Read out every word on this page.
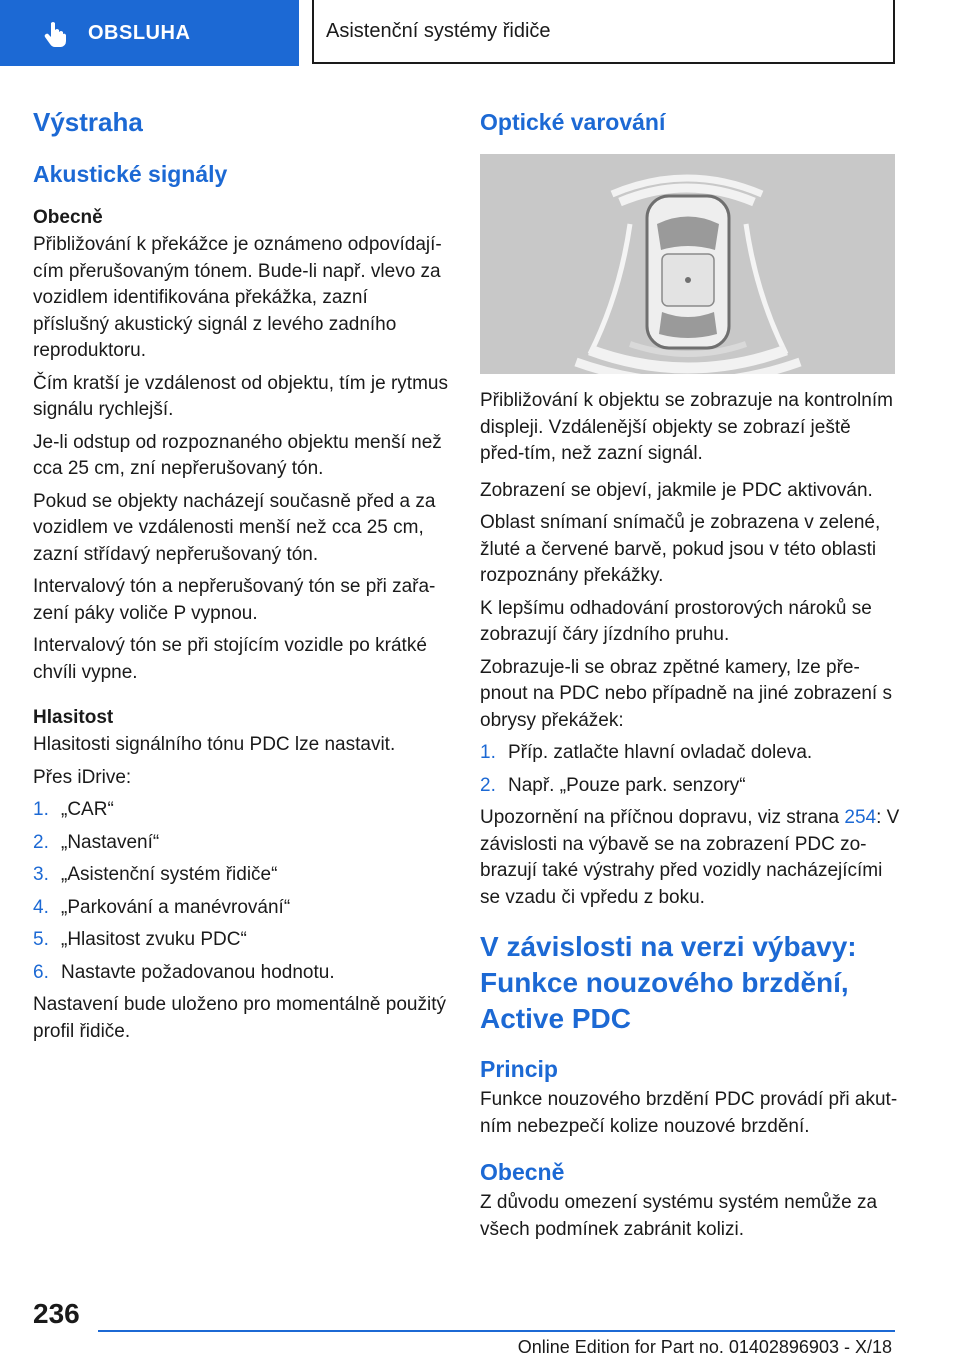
OBSLUHA	Asistenční systémy řidiče
Výstraha
Akustické signály
Obecně

Přibližování k překážce je oznámeno odpovídají-cím přerušovaným tónem. Bude-li např. vlevo za vozidlem identifikována překážka, zazní příslušný akustický signál z levého zadního reproduktoru.

Čím kratší je vzdálenost od objektu, tím je rytmus signálu rychlejší.

Je-li odstup od rozpoznaného objektu menší než cca 25 cm, zní nepřerušovaný tón.

Pokud se objekty nacházejí současně před a za vozidlem ve vzdálenosti menší než cca 25 cm, zazní střídavý nepřerušovaný tón.

Intervalový tón a nepřerušovaný tón se při zařa-zení páky voliče P vypnou.

Intervalový tón se při stojícím vozidle po krátké chvíli vypne.

Hlasitost

Hlasitosti signálního tónu PDC lze nastavit.

Přes iDrive:

1. „CAR“
2. „Nastavení“
3. „Asistenční systém řidiče“
4. „Parkování a manévrování“
5. „Hlasitost zvuku PDC“
6. Nastavte požadovanou hodnotu.

Nastavení bude uloženo pro momentálně použitý profil řidiče.

Optické varování

Přibližování k objektu se zobrazuje na kontrolním displeji. Vzdálenější objekty se zobrazí ještě před-tím, než zazní signál.

Zobrazení se objeví, jakmile je PDC aktivován.

Oblast snímaní snímačů je zobrazena v zelené, žluté a červené barvě, pokud jsou v této oblasti rozpoznány překážky.

K lepšímu odhadování prostorových nároků se zobrazují čáry jízdního pruhu.

Zobrazuje-li se obraz zpětné kamery, lze pře-pnout na PDC nebo případně na jiné zobrazení s obrysy překážek:

1. Příp. zatlačte hlavní ovladač doleva.
2. Např. „Pouze park. senzory“

Upozornění na příčnou dopravu, viz strana 254: V závislosti na výbavě se na zobrazení PDC zo-brazují také výstrahy před vozidly nacházejícími se vzadu či vpředu z boku.

V závislosti na verzi výbavy: Funkce nouzového brzdění, Active PDC
Princip

Funkce nouzového brzdění PDC provádí při akut-ním nebezpečí kolize nouzové brzdění.

Obecně

Z důvodu omezení systému systém nemůže za všech podmínek zabránit kolizi.

236
Online Edition for Part no. 01402896903 - X/18
